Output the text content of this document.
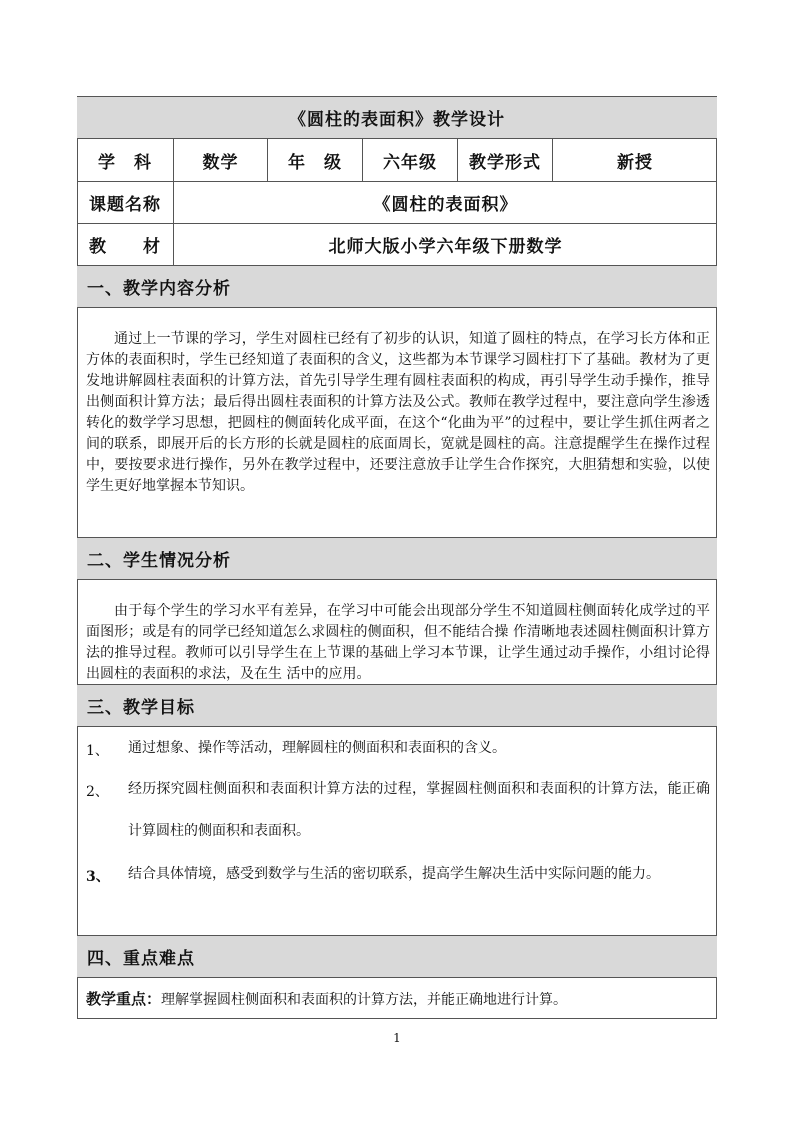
《圆柱的表面积》教学设计
学　科	数学	年　级	六年级	教学形式	新授
课题名称	《圆柱的表面积》
教　　材	北师大版小学六年级下册数学
一、教学内容分析

通过上一节课的学习，学生对圆柱已经有了初步的认识，知道了圆柱的特点，在学习长方体和正方体的表面积时，学生已经知道了表面积的含义，这些都为本节课学习圆柱打下了基础。教材为了更发地讲解圆柱表面积的计算方法，首先引导学生理有圆柱表面积的构成，再引导学生动手操作，推导出侧面积计算方法；最后得出圆柱表面积的计算方法及公式。教师在教学过程中，要注意向学生渗透转化的数学学习思想，把圆柱的侧面转化成平面，在这个“化曲为平”的过程中，要让学生抓住两者之间的联系，即展开后的长方形的长就是圆柱的底面周长，宽就是圆柱的高。注意提醒学生在操作过程中，要按要求进行操作，另外在教学过程中，还要注意放手让学生合作探究，大胆猜想和实验，以使学生更好地掌握本节知识。

二、学生情况分析

由于每个学生的学习水平有差异，在学习中可能会出现部分学生不知道圆柱侧面转化成学过的平面图形；或是有的同学已经知道怎么求圆柱的侧面积，但不能结合操 作清晰地表述圆柱侧面积计算方法的推导过程。教师可以引导学生在上节课的基础上学习本节课，让学生通过动手操作，小组讨论得出圆柱的表面积的求法，及在生 活中的应用。

三、教学目标
1、 通过想象、操作等活动，理解圆柱的侧面积和表面积的含义。

2、 经历探究圆柱侧面积和表面积计算方法的过程，掌握圆柱侧面积和表面积的计算方法，能正确计算圆柱的侧面积和表面积。

3、 结合具体情境，感受到数学与生活的密切联系，提高学生解决生活中实际问题的能力。

四、重点难点
教学重点： 理解掌握圆柱侧面积和表面积的计算方法，并能正确地进行计算。
1
